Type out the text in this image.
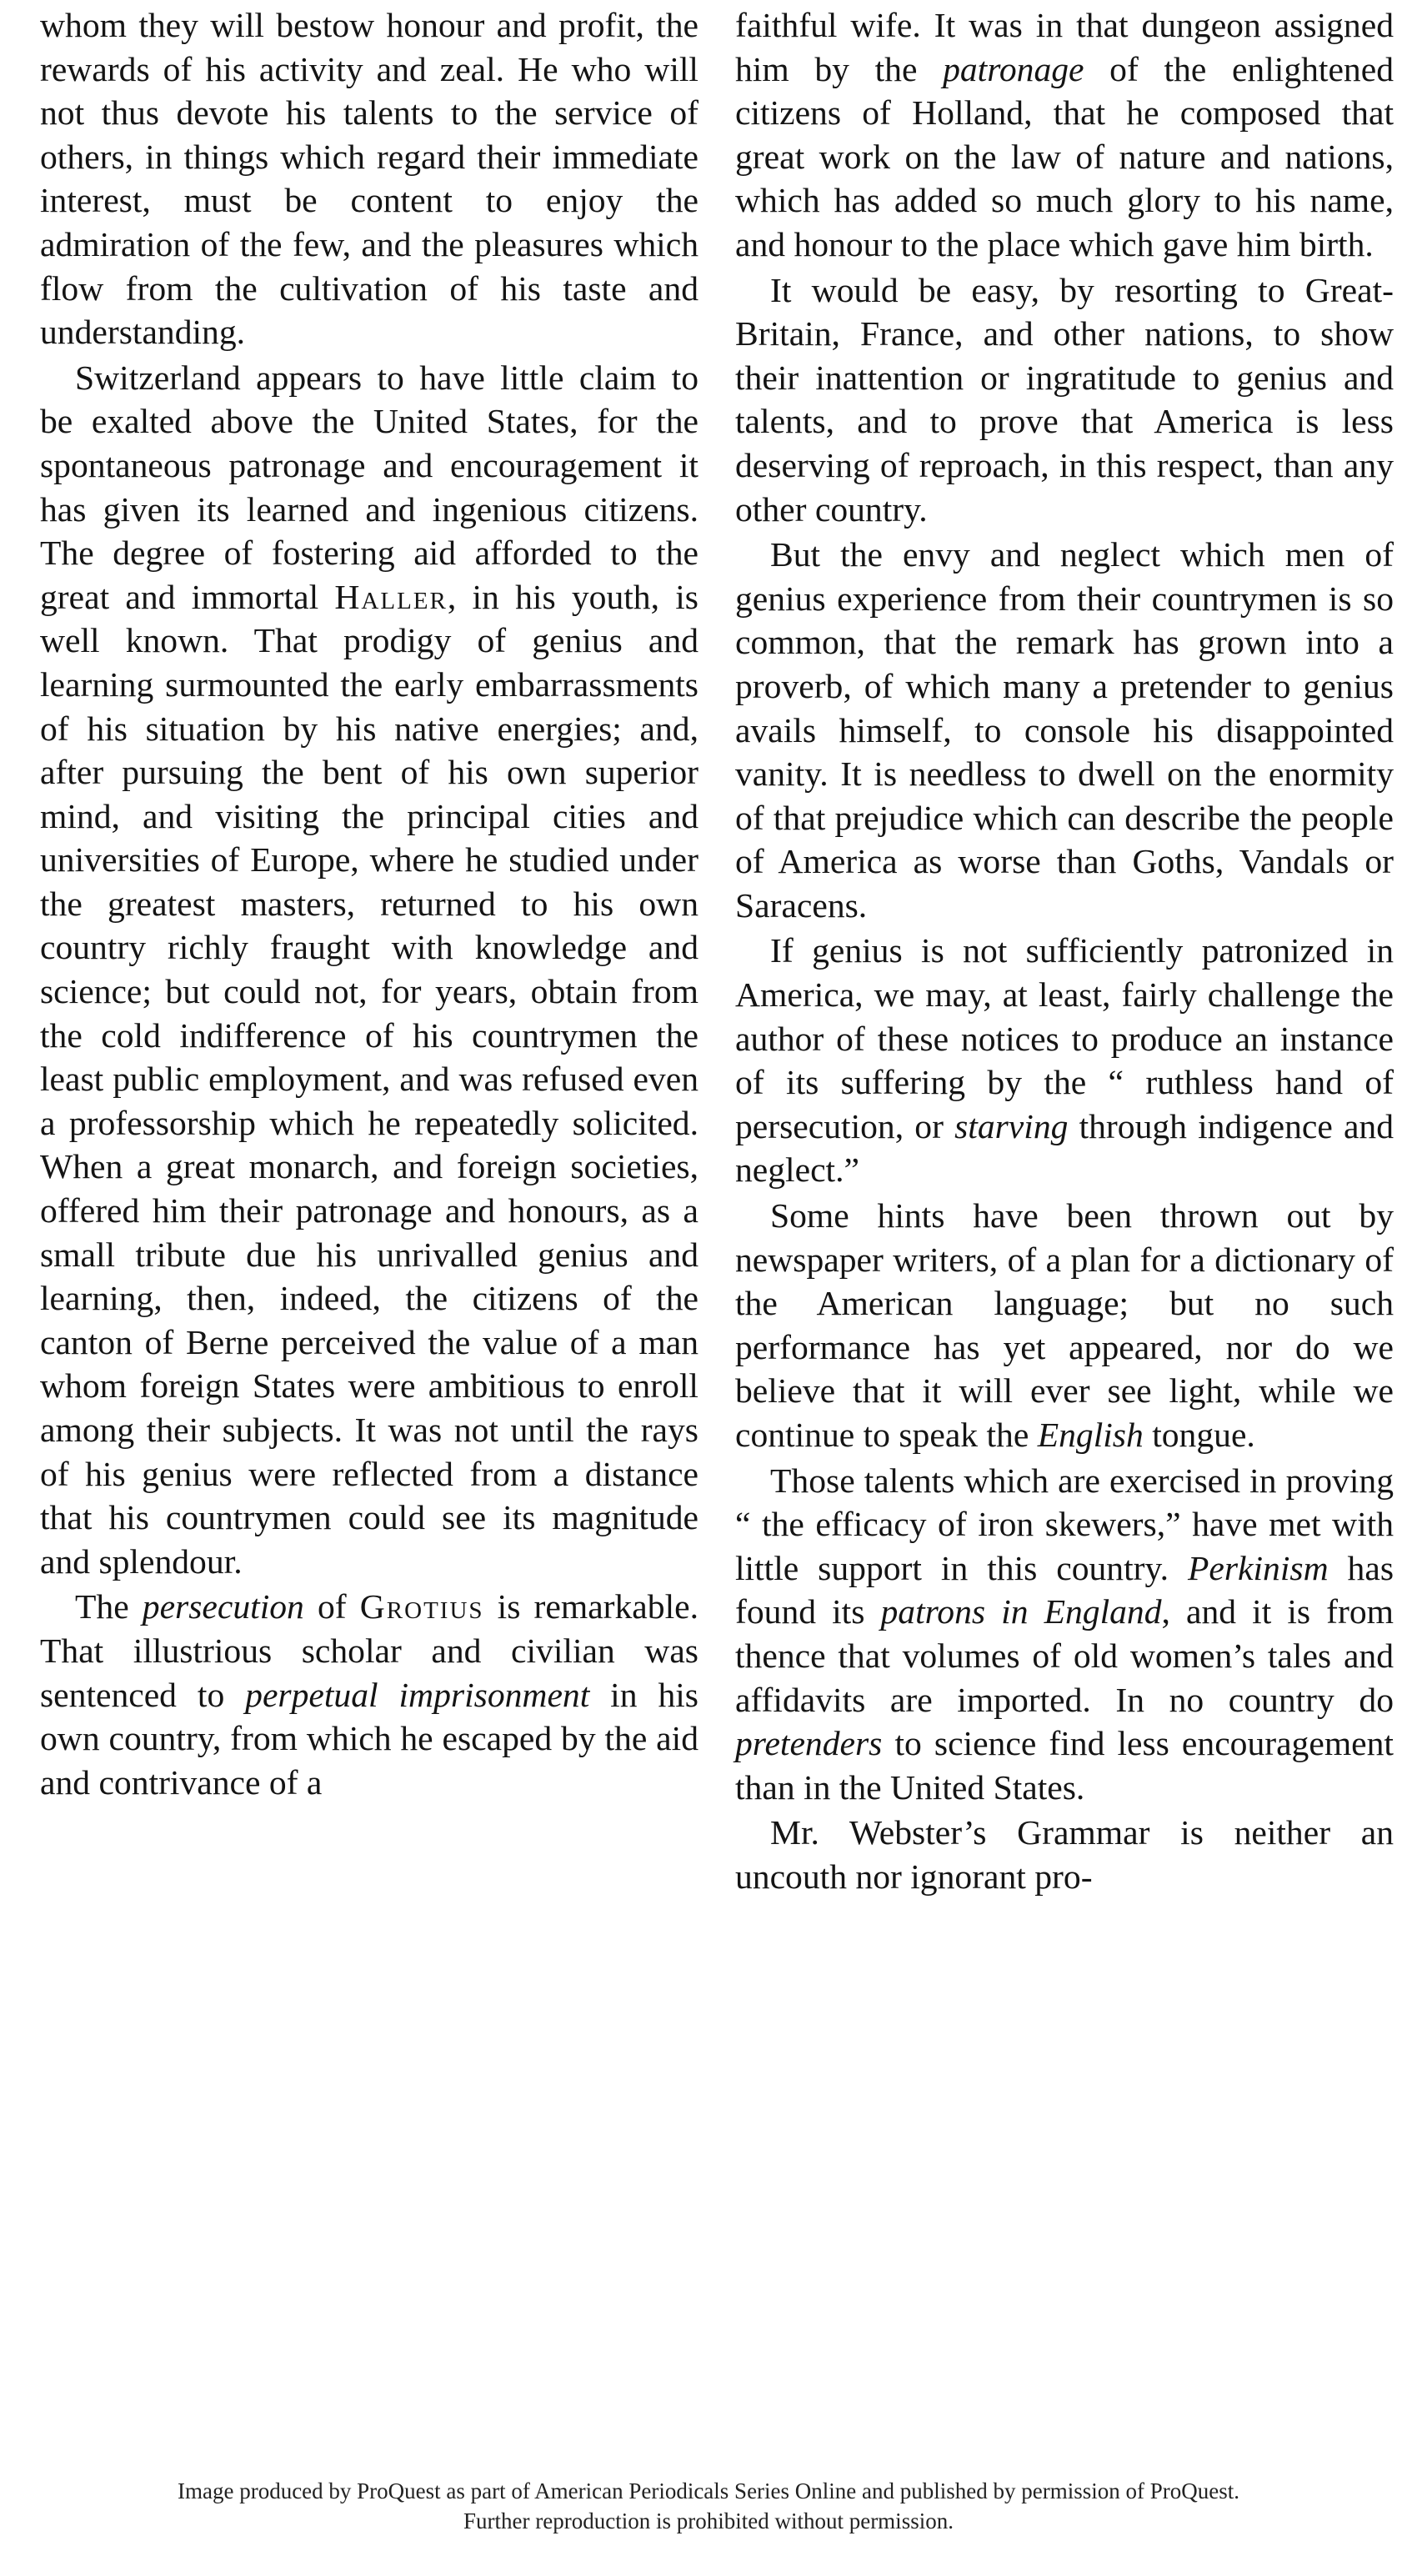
whom they will bestow honour and profit, the rewards of his activity and zeal. He who will not thus devote his talents to the service of others, in things which regard their immediate interest, must be content to enjoy the admiration of the few, and the pleasures which flow from the cultivation of his taste and understanding.

Switzerland appears to have little claim to be exalted above the United States, for the spontaneous patronage and encouragement it has given its learned and ingenious citizens. The degree of fostering aid afforded to the great and immortal Haller, in his youth, is well known. That prodigy of genius and learning surmounted the early embarrassments of his situation by his native energies; and, after pursuing the bent of his own superior mind, and visiting the principal cities and universities of Europe, where he studied under the greatest masters, returned to his own country richly fraught with knowledge and science; but could not, for years, obtain from the cold indifference of his countrymen the least public employment, and was refused even a professorship which he repeatedly solicited. When a great monarch, and foreign societies, offered him their patronage and honours, as a small tribute due his unrivalled genius and learning, then, indeed, the citizens of the canton of Berne perceived the value of a man whom foreign States were ambitious to enroll among their subjects. It was not until the rays of his genius were reflected from a distance that his countrymen could see its magnitude and splendour.

The persecution of Grotius is remarkable. That illustrious scholar and civilian was sentenced to perpetual imprisonment in his own country, from which he escaped by the aid and contrivance of a

faithful wife. It was in that dungeon assigned him by the patronage of the enlightened citizens of Holland, that he composed that great work on the law of nature and nations, which has added so much glory to his name, and honour to the place which gave him birth.

It would be easy, by resorting to Great-Britain, France, and other nations, to show their inattention or ingratitude to genius and talents, and to prove that America is less deserving of reproach, in this respect, than any other country.

But the envy and neglect which men of genius experience from their countrymen is so common, that the remark has grown into a proverb, of which many a pretender to genius avails himself, to console his disappointed vanity. It is needless to dwell on the enormity of that prejudice which can describe the people of America as worse than Goths, Vandals or Saracens.

If genius is not sufficiently patronized in America, we may, at least, fairly challenge the author of these notices to produce an instance of its suffering by the “ ruthless hand of persecution, or starving through indigence and neglect.”

Some hints have been thrown out by newspaper writers, of a plan for a dictionary of the American language; but no such performance has yet appeared, nor do we believe that it will ever see light, while we continue to speak the English tongue.

Those talents which are exercised in proving “ the efficacy of iron skewers,” have met with little support in this country. Perkinism has found its patrons in England, and it is from thence that volumes of old women’s tales and affidavits are imported. In no country do pretenders to science find less encouragement than in the United States.

Mr. Webster’s Grammar is neither an uncouth nor ignorant pro-

Image produced by ProQuest as part of American Periodicals Series Online and published by permission of ProQuest.
Further reproduction is prohibited without permission.
